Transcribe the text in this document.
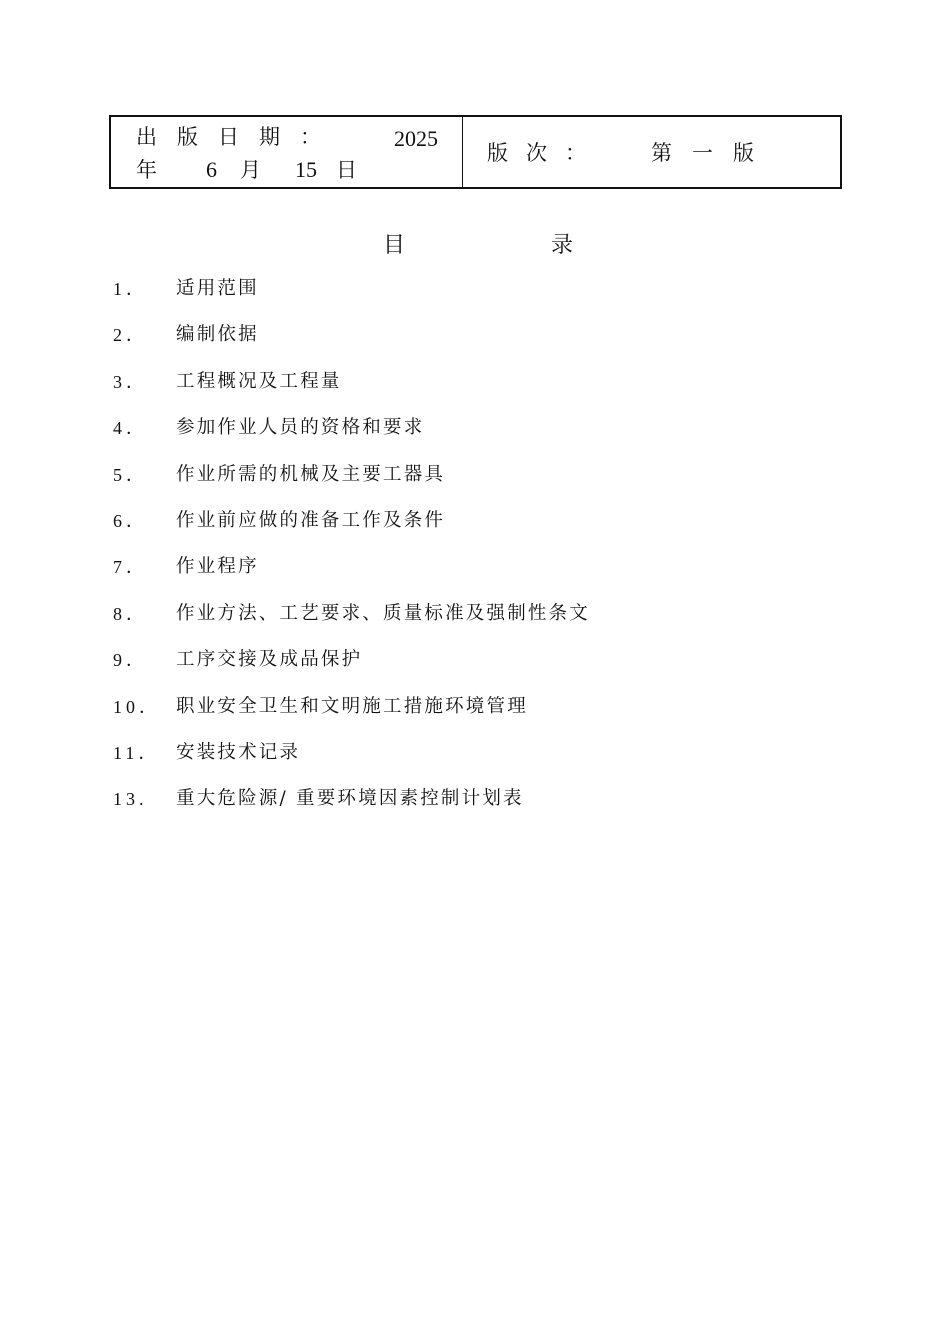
出版日期： 2025
年 6 月 15 日
版次： 第一版
目	录
1．	适用范围
2．	编制依据
3．	工程概况及工程量
4．	参加作业人员的资格和要求
5．	作业所需的机械及主要工器具
6．	作业前应做的准备工作及条件
7．	作业程序
8．	作业方法、工艺要求、质量标准及强制性条文
9．	工序交接及成品保护
10． 职业安全卫生和文明施工措施环境管理
11． 安装技术记录
13.	重大危险源/ 重要环境因素控制计划表
